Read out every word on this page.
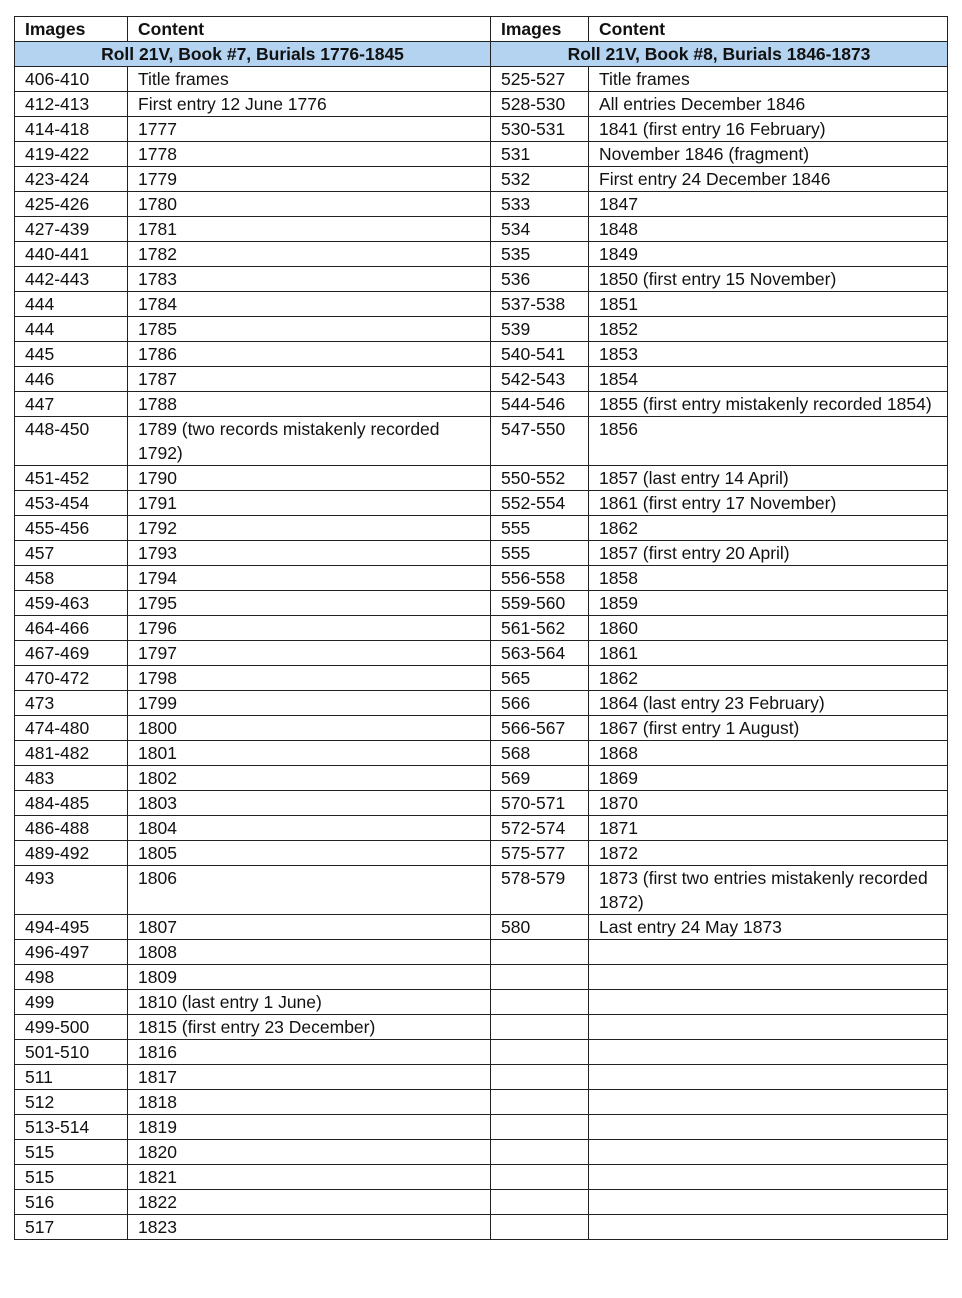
Images	Content	Images	Content
Roll 21V, Book #7, Burials 1776-1845		Roll 21V, Book #8, Burials 1846-1873	
406-410	Title frames	525-527	Title frames
412-413	First entry 12 June 1776	528-530	All entries December 1846
414-418	1777	530-531	1841 (first entry 16 February)
419-422	1778	531	November 1846 (fragment)
423-424	1779	532	First entry 24 December 1846
425-426	1780	533	1847
427-439	1781	534	1848
440-441	1782	535	1849
442-443	1783	536	1850 (first entry 15 November)
444	1784	537-538	1851
444	1785	539	1852
445	1786	540-541	1853
446	1787	542-543	1854
447	1788	544-546	1855 (first entry mistakenly recorded 1854)
448-450	1789 (two records mistakenly recorded 1792)	547-550	1856
451-452	1790	550-552	1857 (last entry 14 April)
453-454	1791	552-554	1861 (first entry 17 November)
455-456	1792	555	1862
457	1793	555	1857 (first entry 20 April)
458	1794	556-558	1858
459-463	1795	559-560	1859
464-466	1796	561-562	1860
467-469	1797	563-564	1861
470-472	1798	565	1862
473	1799	566	1864 (last entry 23 February)
474-480	1800	566-567	1867 (first entry 1 August)
481-482	1801	568	1868
483	1802	569	1869
484-485	1803	570-571	1870
486-488	1804	572-574	1871
489-492	1805	575-577	1872
493	1806	578-579	1873 (first two entries mistakenly recorded 1872)
494-495	1807	580	Last entry 24 May 1873
496-497	1808		
498	1809		
499	1810 (last entry 1 June)		
499-500	1815 (first entry 23 December)		
501-510	1816		
511	1817		
512	1818		
513-514	1819		
515	1820		
515	1821		
516	1822		
517	1823		
